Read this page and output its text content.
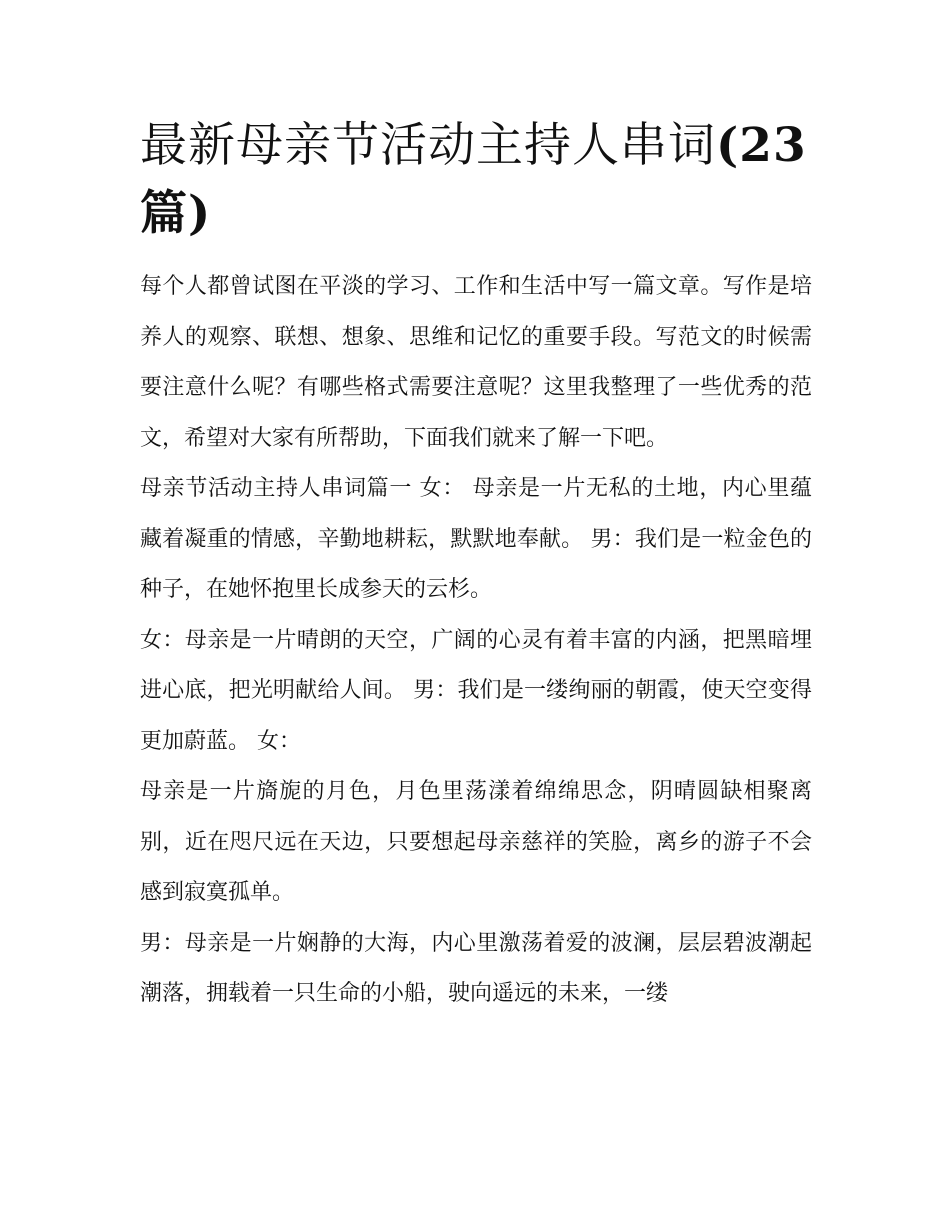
最新母亲节活动主持人串词(23篇)

每个人都曾试图在平淡的学习、工作和生活中写一篇文章。写作是培养人的观察、联想、想象、思维和记忆的重要手段。写范文的时候需要注意什么呢？有哪些格式需要注意呢？这里我整理了一些优秀的范文，希望对大家有所帮助，下面我们就来了解一下吧。

母亲节活动主持人串词篇一 女： 母亲是一片无私的土地，内心里蕴藏着凝重的情感，辛勤地耕耘，默默地奉献。 男：我们是一粒金色的种子，在她怀抱里长成参天的云杉。

女：母亲是一片晴朗的天空，广阔的心灵有着丰富的内涵，把黑暗埋进心底，把光明献给人间。 男：我们是一缕绚丽的朝霞，使天空变得更加蔚蓝。 女：

母亲是一片旖旎的月色，月色里荡漾着绵绵思念，阴晴圆缺相聚离别，近在咫尺远在天边，只要想起母亲慈祥的笑脸，离乡的游子不会感到寂寞孤单。

男：母亲是一片娴静的大海，内心里激荡着爱的波澜，层层碧波潮起潮落，拥载着一只生命的小船，驶向遥远的未来，一缕
